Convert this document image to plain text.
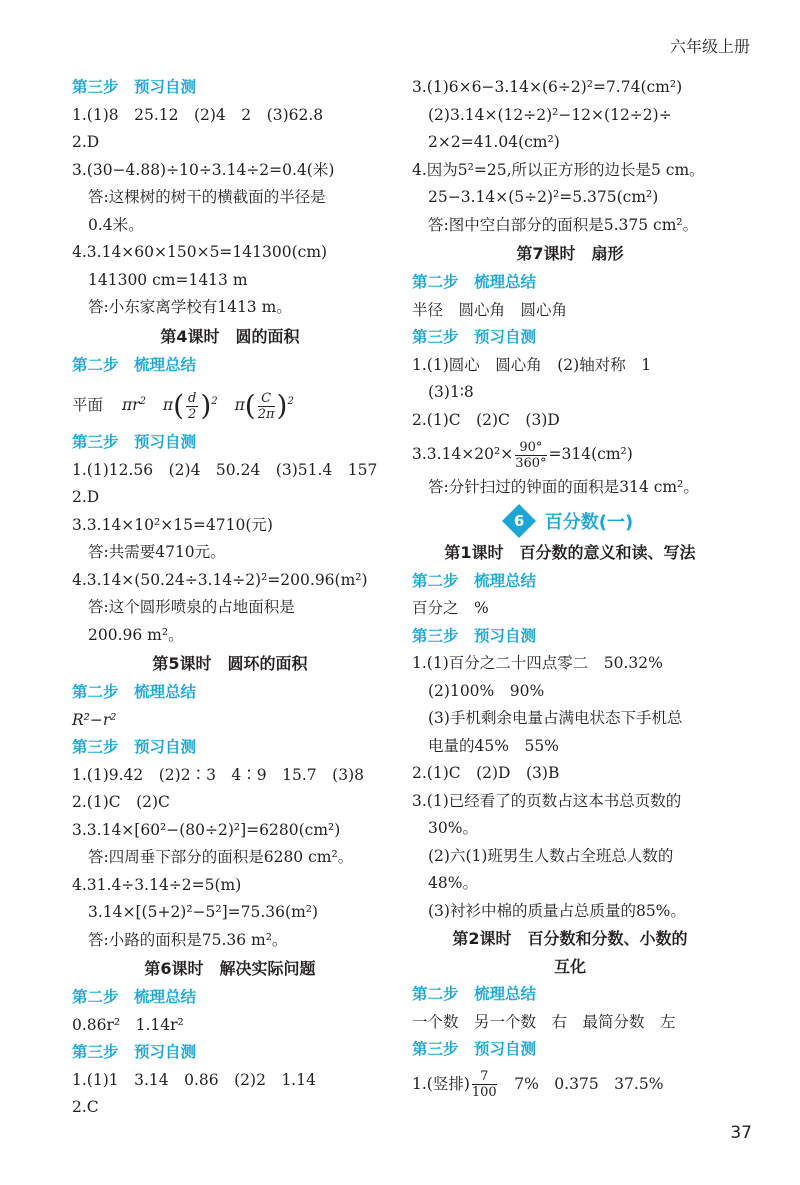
六年级上册
第三步　预习自测
1.(1)8　25.12　(2)4　2　(3)62.8
2.D
3.(30−4.88)÷10÷3.14÷2=0.4(米)
答:这棵树的树干的横截面的半径是
0.4米。
4.3.14×60×150×5=141300(cm)
141300 cm=1413 m
答:小东家离学校有1413 m。
第4课时　圆的面积
第二步　梳理总结
平面 $\pi r^2$ $\pi( \frac{d}{2} )^2$ $\pi( \frac{C}{2\pi} )^2$
第三步　预习自测
1.(1)12.56　(2)4　50.24　(3)51.4　157
2.D
3.3.14×10²×15=4710(元)
答:共需要4710元。
4.3.14×(50.24÷3.14÷2)²=200.96(m²)
答:这个圆形喷泉的占地面积是
200.96 m²。
第5课时　圆环的面积
第二步　梳理总结
R²−r²
第三步　预习自测
1.(1)9.42　(2)2∶3　4∶9　15.7　(3)8
2.(1)C　(2)C
3.3.14×[60²−(80÷2)²]=6280(cm²)
答:四周垂下部分的面积是6280 cm²。
4.31.4÷3.14÷2=5(m)
3.14×[(5+2)²−5²]=75.36(m²)
答:小路的面积是75.36 m²。
第6课时　解决实际问题
第二步　梳理总结
0.86r²　1.14r²
第三步　预习自测
1.(1)1　3.14　0.86　(2)2　1.14
2.C
3.(1)6×6−3.14×(6÷2)²=7.74(cm²)
(2)3.14×(12÷2)²−12×(12÷2)÷
2×2=41.04(cm²)
4.因为5²=25,所以正方形的边长是5 cm。
25−3.14×(5÷2)²=5.375(cm²)
答:图中空白部分的面积是5.375 cm²。
第7课时　扇形
第二步　梳理总结
半径　圆心角　圆心角
第三步　预习自测
1.(1)圆心　圆心角　(2)轴对称　1
(3)1∶8
2.(1)C　(2)C　(3)D
$3.3.14\times 20^2\times \frac{90^\circ}{360^\circ} =314(cm^2)$
答:分针扫过的钟面的面积是314 cm²。
6 百分数(一)
第1课时　百分数的意义和读、写法
第二步　梳理总结
百分之　%
第三步　预习自测
1.(1)百分之二十四点零二　50.32%
(2)100%　90%
(3)手机剩余电量占满电状态下手机总
电量的45%　55%
2.(1)C　(2)D　(3)B
3.(1)已经看了的页数占这本书总页数的
30%。
(2)六(1)班男生人数占全班总人数的
48%。
(3)衬衫中棉的质量占总质量的85%。
第2课时　百分数和分数、小数的
互化
第二步　梳理总结
一个数　另一个数　右　最简分数　左
第三步　预习自测
1.(竖排) $\frac{7}{100}$ 　7%　0.375　37.5%
37
